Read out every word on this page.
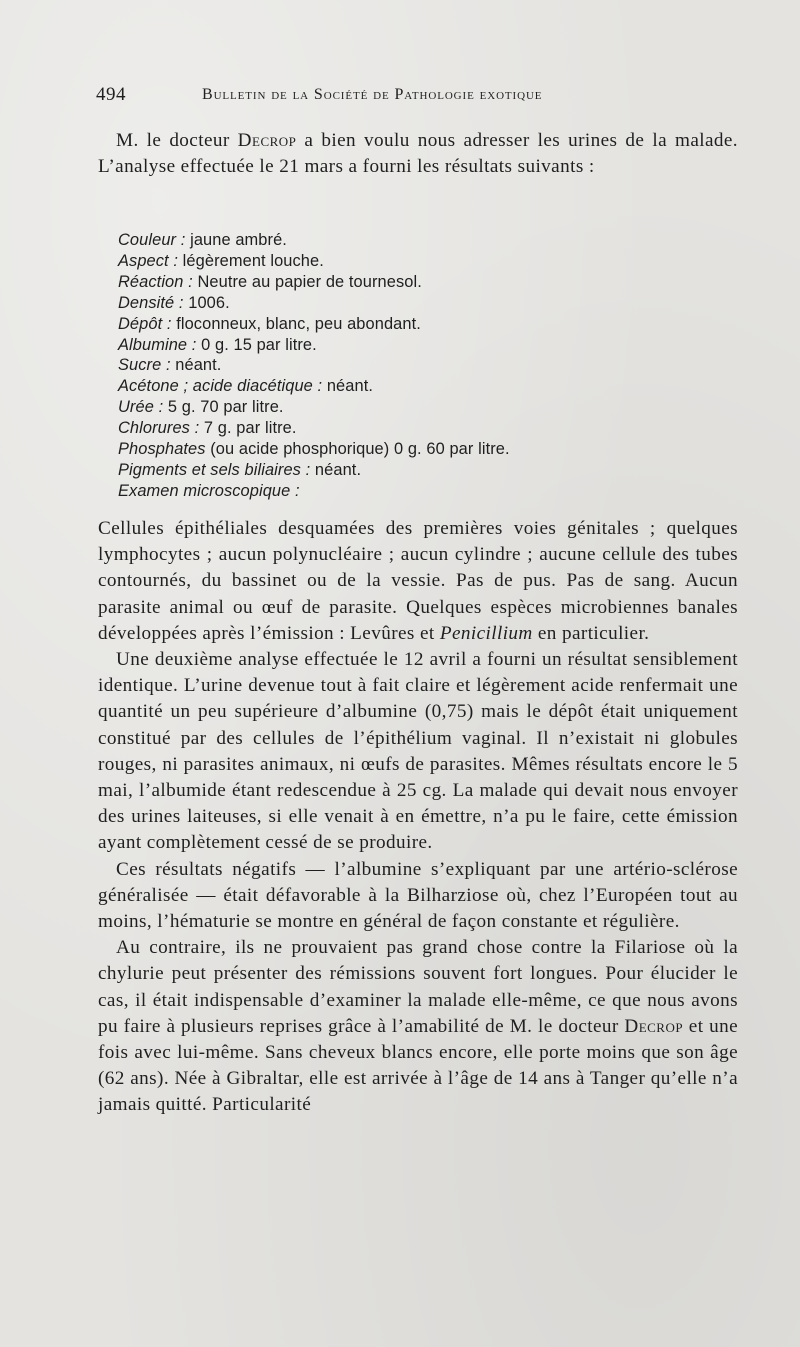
494	Bulletin de la Société de Pathologie exotique

M. le docteur Decrop a bien voulu nous adresser les urines de la malade. L’analyse effectuée le 21 mars a fourni les résultats suivants :

Couleur : jaune ambré.
Aspect : légèrement louche.
Réaction : Neutre au papier de tournesol.
Densité : 1006.
Dépôt : floconneux, blanc, peu abondant.
Albumine : 0 g. 15 par litre.
Sucre : néant.
Acétone ; acide diacétique : néant.
Urée : 5 g. 70 par litre.
Chlorures : 7 g. par litre.
Phosphates (ou acide phosphorique) 0 g. 60 par litre.
Pigments et sels biliaires : néant.
Examen microscopique :

Cellules épithéliales desquamées des premières voies génitales ; quelques lymphocytes ; aucun polynucléaire ; aucun cylindre ; aucune cellule des tubes contournés, du bassinet ou de la vessie. Pas de pus. Pas de sang. Aucun parasite animal ou œuf de parasite. Quelques espèces microbiennes banales développées après l’émission : Levûres et Penicillium en particulier.

Une deuxième analyse effectuée le 12 avril a fourni un résultat sensiblement identique. L’urine devenue tout à fait claire et légèrement acide renfermait une quantité un peu supérieure d’albumine (0,75) mais le dépôt était uniquement constitué par des cellules de l’épithélium vaginal. Il n’existait ni globules rouges, ni parasites animaux, ni œufs de parasites. Mêmes résultats encore le 5 mai, l’albumide étant redescendue à 25 cg. La malade qui devait nous envoyer des urines laiteuses, si elle venait à en émettre, n’a pu le faire, cette émission ayant complètement cessé de se produire.

Ces résultats négatifs — l’albumine s’expliquant par une artério-sclérose généralisée — était défavorable à la Bilharziose où, chez l’Européen tout au moins, l’hématurie se montre en général de façon constante et régulière.

Au contraire, ils ne prouvaient pas grand chose contre la Filariose où la chylurie peut présenter des rémissions souvent fort longues. Pour élucider le cas, il était indispensable d’examiner la malade elle-même, ce que nous avons pu faire à plusieurs reprises grâce à l’amabilité de M. le docteur Decrop et une fois avec lui-même. Sans cheveux blancs encore, elle porte moins que son âge (62 ans). Née à Gibraltar, elle est arrivée à l’âge de 14 ans à Tanger qu’elle n’a jamais quitté. Particularité
